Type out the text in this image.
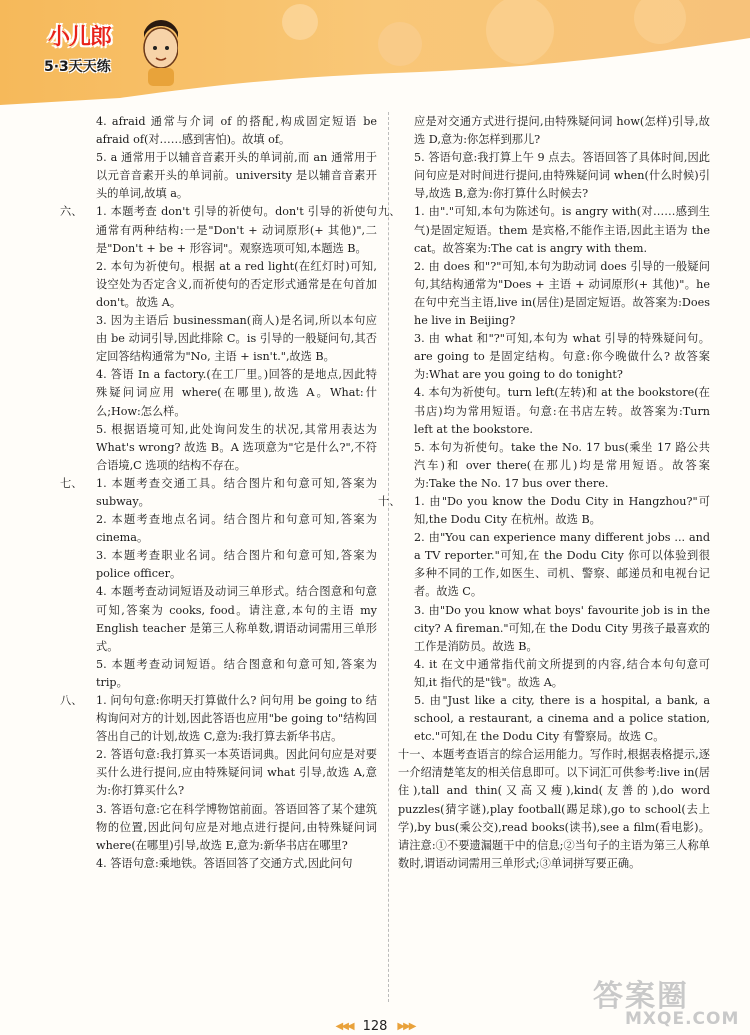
小儿郎
5·3天天练
4. afraid 通常与介词 of 的搭配,构成固定短语 be afraid of(对……感到害怕)。故填 of。
5. a 通常用于以辅音音素开头的单词前,而 an 通常用于以元音音素开头的单词前。university 是以辅音音素开头的单词,故填 a。
六、 1. 本题考查 don't 引导的祈使句。don't 引导的祈使句通常有两种结构:一是"Don't + 动词原形(+ 其他)",二是"Don't + be + 形容词"。观察选项可知,本题选 B。
2. 本句为祈使句。根据 at a red light(在红灯时)可知,设空处为否定含义,而祈使句的否定形式通常是在句首加 don't。故选 A。
3. 因为主语后 businessman(商人)是名词,所以本句应由 be 动词引导,因此排除 C。is 引导的一般疑问句,其否定回答结构通常为"No, 主语 + isn't.",故选 B。
4. 答语 In a factory.(在工厂里。)回答的是地点,因此特殊疑问词应用 where(在哪里),故选 A。What:什么;How:怎么样。
5. 根据语境可知,此处询问发生的状况,其常用表达为 What's wrong? 故选 B。A 选项意为"它是什么?",不符合语境,C 选项的结构不存在。
七、 1. 本题考查交通工具。结合图片和句意可知,答案为 subway。
2. 本题考查地点名词。结合图片和句意可知,答案为 cinema。
3. 本题考查职业名词。结合图片和句意可知,答案为 police officer。
4. 本题考查动词短语及动词三单形式。结合图意和句意可知,答案为 cooks, food。请注意,本句的主语 my English teacher 是第三人称单数,谓语动词需用三单形式。
5. 本题考查动词短语。结合图意和句意可知,答案为 trip。
八、 1. 问句句意:你明天打算做什么? 问句用 be going to 结构询问对方的计划,因此答语也应用"be going to"结构回答出自己的计划,故选 C,意为:我打算去新华书店。
2. 答语句意:我打算买一本英语词典。因此问句应是对要买什么进行提问,应由特殊疑问词 what 引导,故选 A,意为:你打算买什么?
3. 答语句意:它在科学博物馆前面。答语回答了某个建筑物的位置,因此问句应是对地点进行提问,由特殊疑问词 where(在哪里)引导,故选 E,意为:新华书店在哪里?
4. 答语句意:乘地铁。答语回答了交通方式,因此问句
应是对交通方式进行提问,由特殊疑问词 how(怎样)引导,故选 D,意为:你怎样到那儿?
5. 答语句意:我打算上午 9 点去。答语回答了具体时间,因此问句应是对时间进行提问,由特殊疑问词 when(什么时候)引导,故选 B,意为:你打算什么时候去?
九、 1. 由"."可知,本句为陈述句。is angry with(对……感到生气)是固定短语。them 是宾格,不能作主语,因此主语为 the cat。故答案为:The cat is angry with them.
2. 由 does 和"?"可知,本句为助动词 does 引导的一般疑问句,其结构通常为"Does + 主语 + 动词原形(+ 其他)"。he 在句中充当主语,live in(居住)是固定短语。故答案为:Does he live in Beijing?
3. 由 what 和"?"可知,本句为 what 引导的特殊疑问句。are going to 是固定结构。句意:你今晚做什么? 故答案为:What are you going to do tonight?
4. 本句为祈使句。turn left(左转)和 at the bookstore(在书店)均为常用短语。句意:在书店左转。故答案为:Turn left at the bookstore.
5. 本句为祈使句。take the No. 17 bus(乘坐 17 路公共汽车)和 over there(在那儿)均是常用短语。故答案为:Take the No. 17 bus over there.
十、 1. 由"Do you know the Dodu City in Hangzhou?"可知,the Dodu City 在杭州。故选 B。
2. 由"You can experience many different jobs ... and a TV reporter."可知,在 the Dodu City 你可以体验到很多种不同的工作,如医生、司机、警察、邮递员和电视台记者。故选 C。
3. 由"Do you know what boys' favourite job is in the city? A fireman."可知,在 the Dodu City 男孩子最喜欢的工作是消防员。故选 B。
4. it 在文中通常指代前文所提到的内容,结合本句句意可知,it 指代的是"钱"。故选 A。
5. 由"Just like a city, there is a hospital, a bank, a school, a restaurant, a cinema and a police station, etc."可知,在 the Dodu City 有警察局。故选 C。
十一、本题考查语言的综合运用能力。写作时,根据表格提示,逐一介绍清楚笔友的相关信息即可。以下词汇可供参考:live in(居住),tall and thin(又高又瘦),kind(友善的),do word puzzles(猜字谜),play football(踢足球),go to school(去上学),by bus(乘公交),read books(读书),see a film(看电影)。请注意:①不要遗漏题干中的信息;②当句子的主语为第三人称单数时,谓语动词需用三单形式;③单词拼写要正确。
◀◀◀ 128 ▶▶▶
答案圈
MXQE.COM
